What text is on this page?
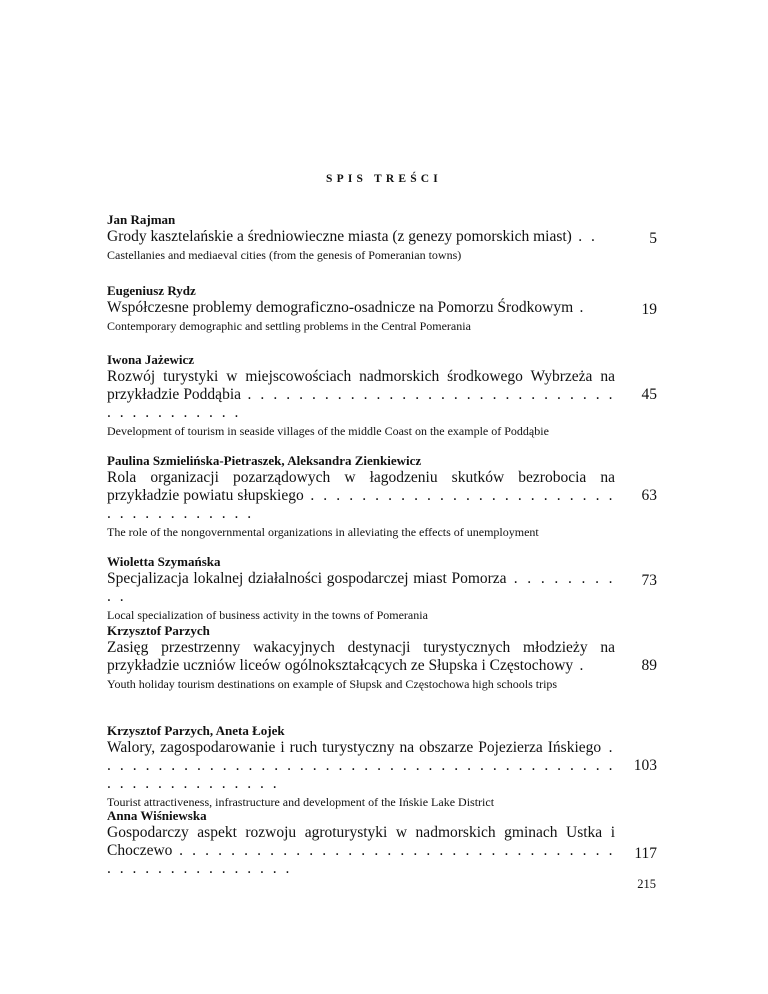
SPIS TREŚCI
Jan Rajman
Grody kasztelańskie a średniowieczne miasta (z genezy pomorskich miast) . .
Castellanies and mediaeval cities (from the genesis of Pomeranian towns)
5
Eugeniusz Rydz
Współczesne problemy demograficzno-osadnicze na Pomorzu Środkowym .
Contemporary demographic and settling problems in the Central Pomerania
19
Iwona Jażewicz
Rozwój turystyki w miejscowościach nadmorskich środkowego Wybrzeża na przykładzie Poddąbia . . . . . . . . . . . . . . . . . . . . . . . . . . . . . . . . . . . . . . . .
Development of tourism in seaside villages of the middle Coast on the example of Poddąbie
45
Paulina Szmielińska-Pietraszek, Aleksandra Zienkiewicz
Rola organizacji pozarządowych w łagodzeniu skutków bezrobocia na przykładzie powiatu słupskiego . . . . . . . . . . . . . . . . . . . . . . . . . . . . . . . . . . . .
The role of the nongovernmental organizations in alleviating the effects of unemployment
63
Wioletta Szymańska
Specjalizacja lokalnej działalności gospodarczej miast Pomorza . . . . . . . . . .
Local specialization of business activity in the towns of Pomerania
73
Krzysztof Parzych
Zasięg przestrzenny wakacyjnych destynacji turystycznych młodzieży na przykładzie uczniów liceów ogólnokształcących ze Słupska i Częstochowy .
Youth holiday tourism destinations on example of Słupsk and Częstochowa high schools trips
89
Krzysztof Parzych, Aneta Łojek
Walory, zagospodarowanie i ruch turystyczny na obszarze Pojezierza Ińskiego . . . . . . . . . . . . . . . . . . . . . . . . . . . . . . . . . . . . . . . . . . . . . . . . . . . . . . .
Tourist attractiveness, infrastructure and development of the Ińskie Lake District
103
Anna Wiśniewska
Gospodarczy aspekt rozwoju agroturystyki w nadmorskich gminach Ustka i Choczewo . . . . . . . . . . . . . . . . . . . . . . . . . . . . . . . . . . . . . . . . . . . . . . . . .
117
215
